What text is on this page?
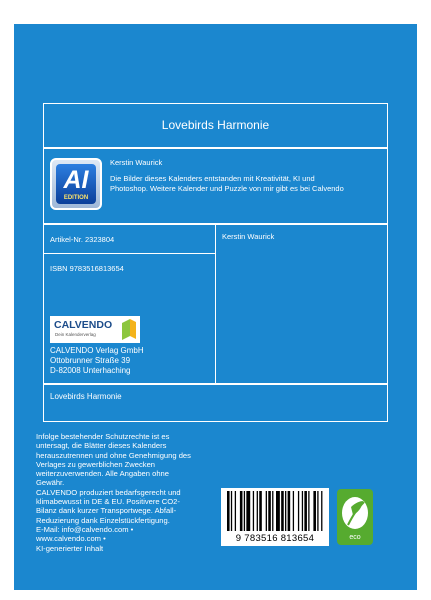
Lovebirds Harmonie
AI
EDITION
Kerstin Waurick
Die Bilder dieses Kalenders entstanden mit Kreativität, KI und
Photoshop. Weitere Kalender und Puzzle von mir gibt es bei Calvendo
Artikel-Nr. 2323804
ISBN 9783516813654
Kerstin Waurick
CALVENDO
Dein Kalenderverlag
CALVENDO Verlag GmbH
Ottobrunner Straße 39
D-82008 Unterhaching
Lovebirds Harmonie
Infolge bestehender Schutzrechte ist es
untersagt, die Blätter dieses Kalenders
herauszutrennen und ohne Genehmigung des
Verlages zu gewerblichen Zwecken
weiterzuverwenden. Alle Angaben ohne
Gewähr.
CALVENDO produziert bedarfsgerecht und
klimabewusst in DE & EU. Positivere CO2-
Bilanz dank kurzer Transportwege. Abfall-
Reduzierung dank Einzelstückfertigung.
E-Mail: info@calvendo.com •
www.calvendo.com •
KI-generierter Inhalt
9 783516 813654	eco
